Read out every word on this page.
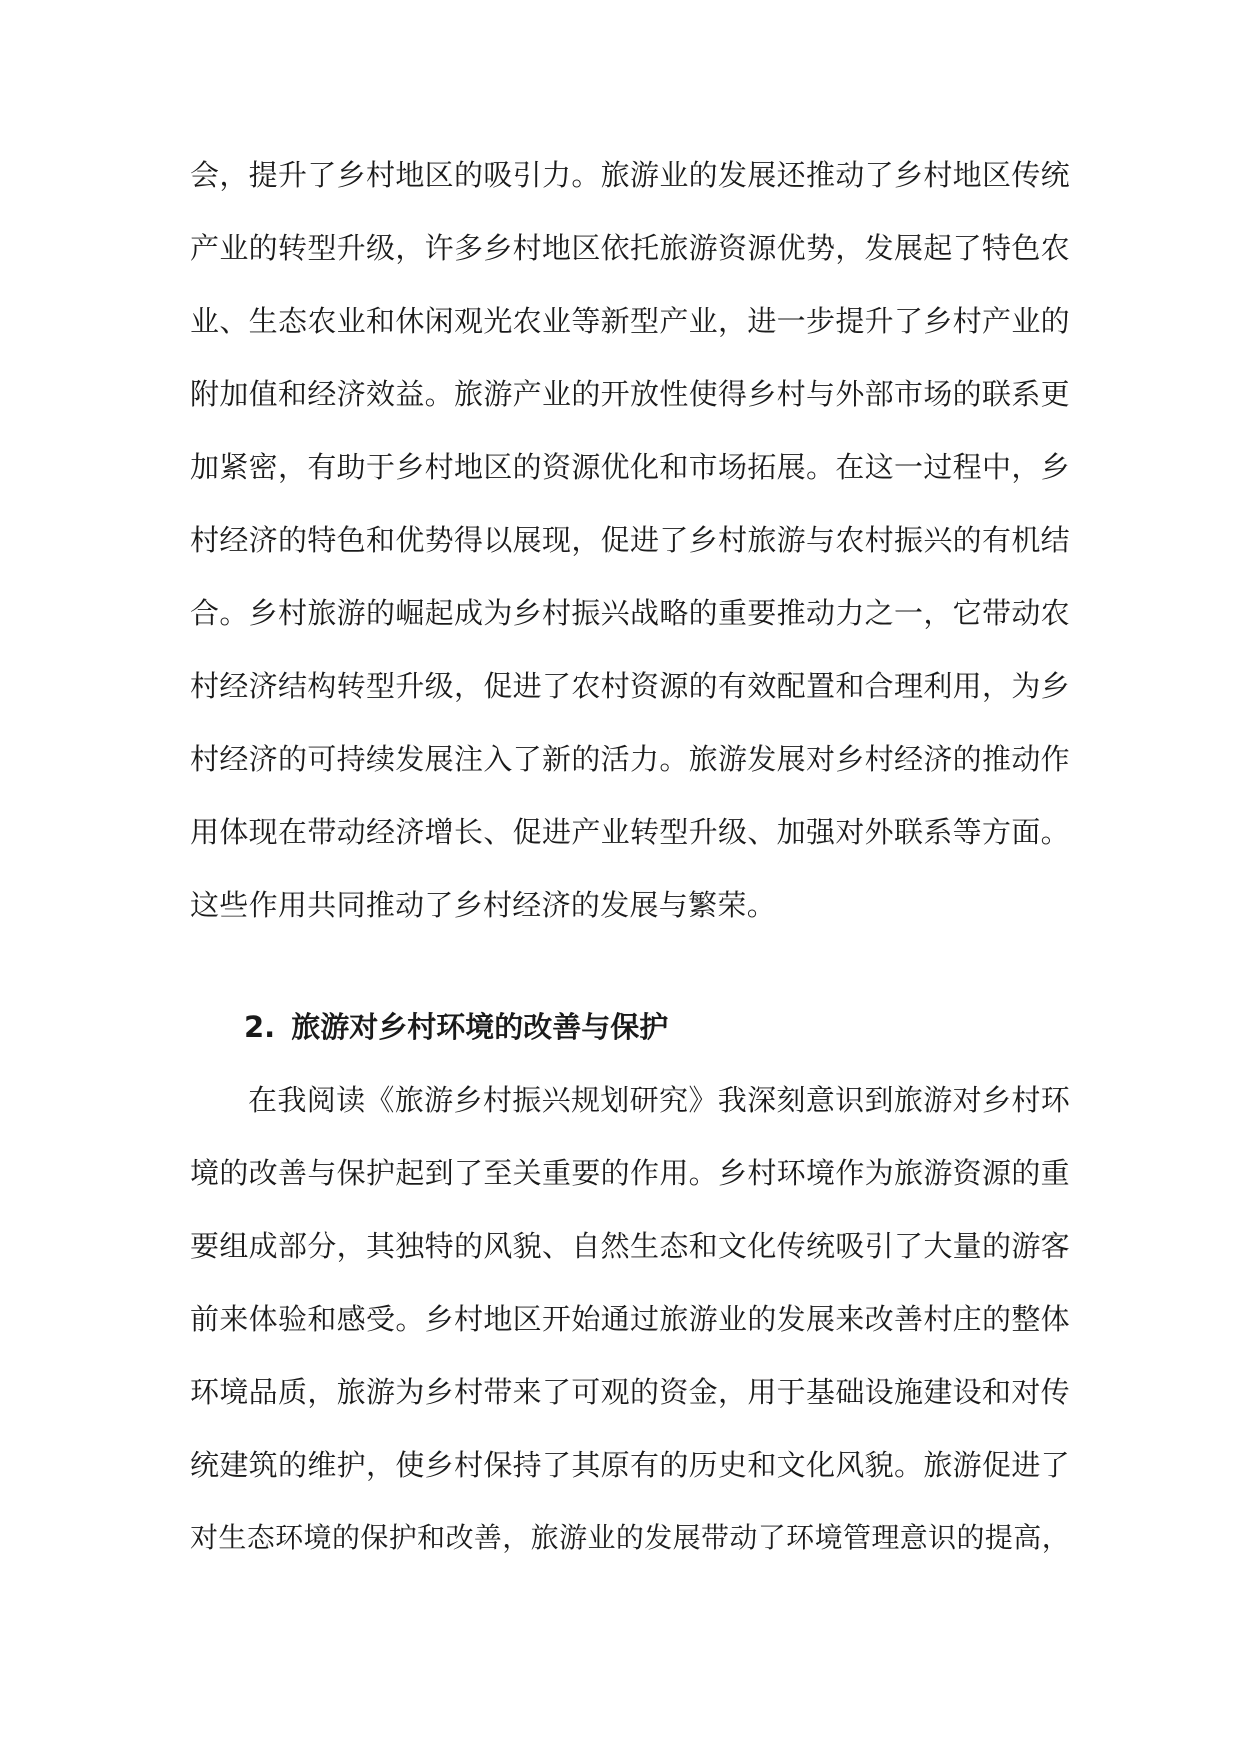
会，提升了乡村地区的吸引力。旅游业的发展还推动了乡村地区传统
产业的转型升级，许多乡村地区依托旅游资源优势，发展起了特色农
业、生态农业和休闲观光农业等新型产业，进一步提升了乡村产业的
附加值和经济效益。旅游产业的开放性使得乡村与外部市场的联系更
加紧密，有助于乡村地区的资源优化和市场拓展。在这一过程中，乡
村经济的特色和优势得以展现，促进了乡村旅游与农村振兴的有机结
合。乡村旅游的崛起成为乡村振兴战略的重要推动力之一，它带动农
村经济结构转型升级，促进了农村资源的有效配置和合理利用，为乡
村经济的可持续发展注入了新的活力。旅游发展对乡村经济的推动作
用体现在带动经济增长、促进产业转型升级、加强对外联系等方面。
这些作用共同推动了乡村经济的发展与繁荣。
2. 旅游对乡村环境的改善与保护
在我阅读《旅游乡村振兴规划研究》我深刻意识到旅游对乡村环
境的改善与保护起到了至关重要的作用。乡村环境作为旅游资源的重
要组成部分，其独特的风貌、自然生态和文化传统吸引了大量的游客
前来体验和感受。乡村地区开始通过旅游业的发展来改善村庄的整体
环境品质，旅游为乡村带来了可观的资金，用于基础设施建设和对传
统建筑的维护，使乡村保持了其原有的历史和文化风貌。旅游促进了
对生态环境的保护和改善，旅游业的发展带动了环境管理意识的提高，
